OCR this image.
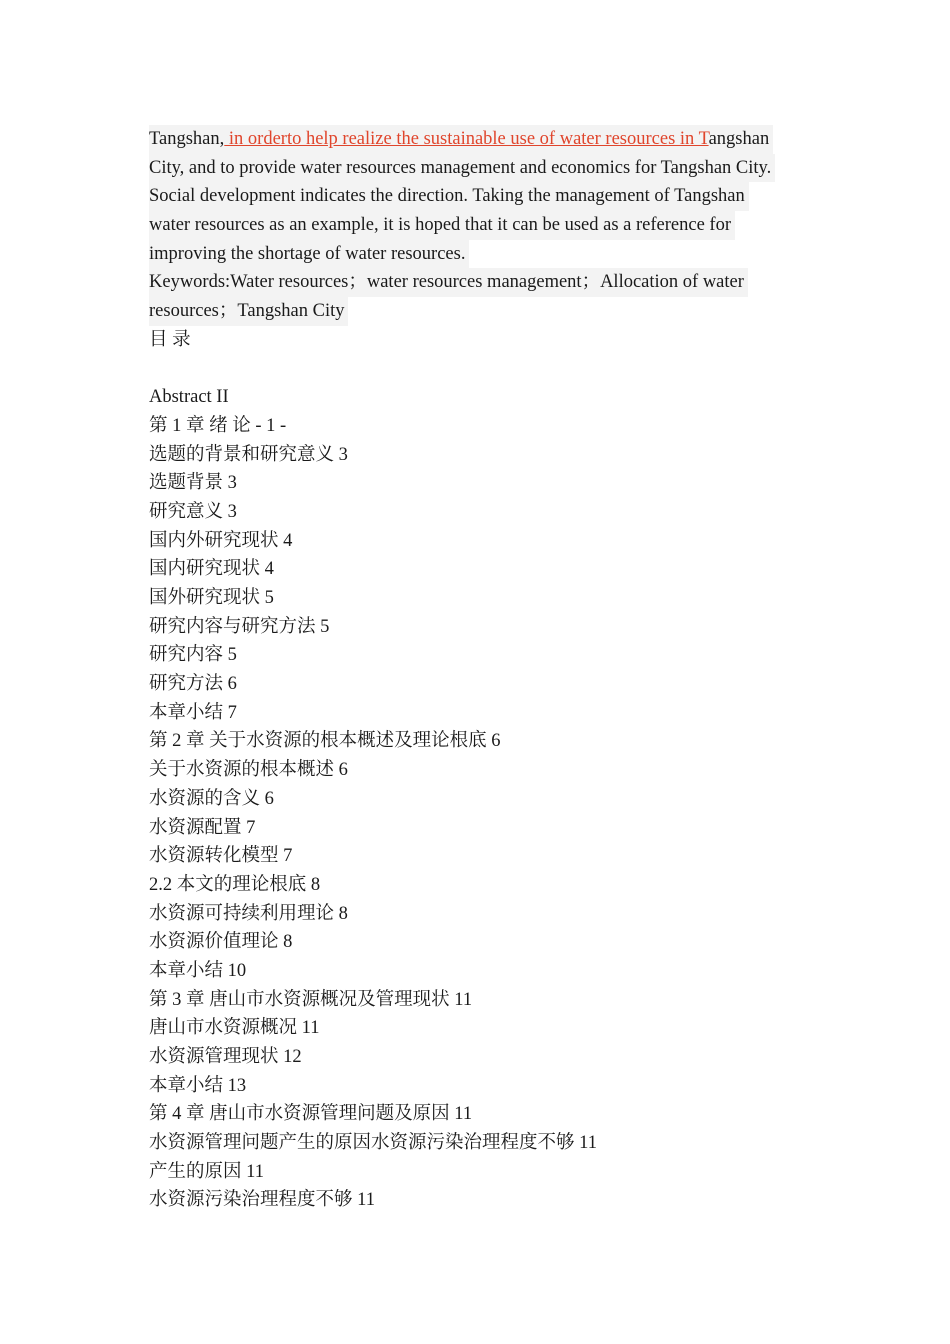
Tangshan, in orderto help realize the sustainable use of water resources in Tangshan
City, and to provide water resources management and economics for Tangshan City.
Social development indicates the direction. Taking the management of Tangshan
water resources as an example, it is hoped that it can be used as a reference for
improving the shortage of water resources.
Keywords:Water resources；water resources management；Allocation of water
resources；Tangshan City
目 录
Abstract II
第 1 章 绪 论 - 1 -
选题的背景和研究意义 3
选题背景 3
研究意义 3
国内外研究现状 4
国内研究现状 4
国外研究现状 5
研究内容与研究方法 5
研究内容 5
研究方法 6
本章小结 7
第 2 章 关于水资源的根本概述及理论根底 6
关于水资源的根本概述 6
水资源的含义 6
水资源配置 7
水资源转化模型 7
2.2 本文的理论根底 8
水资源可持续利用理论 8
水资源价值理论 8
本章小结 10
第 3 章 唐山市水资源概况及管理现状 11
唐山市水资源概况 11
水资源管理现状 12
本章小结 13
第 4 章 唐山市水资源管理问题及原因 11
水资源管理问题产生的原因水资源污染治理程度不够 11
产生的原因 11
水资源污染治理程度不够 11
